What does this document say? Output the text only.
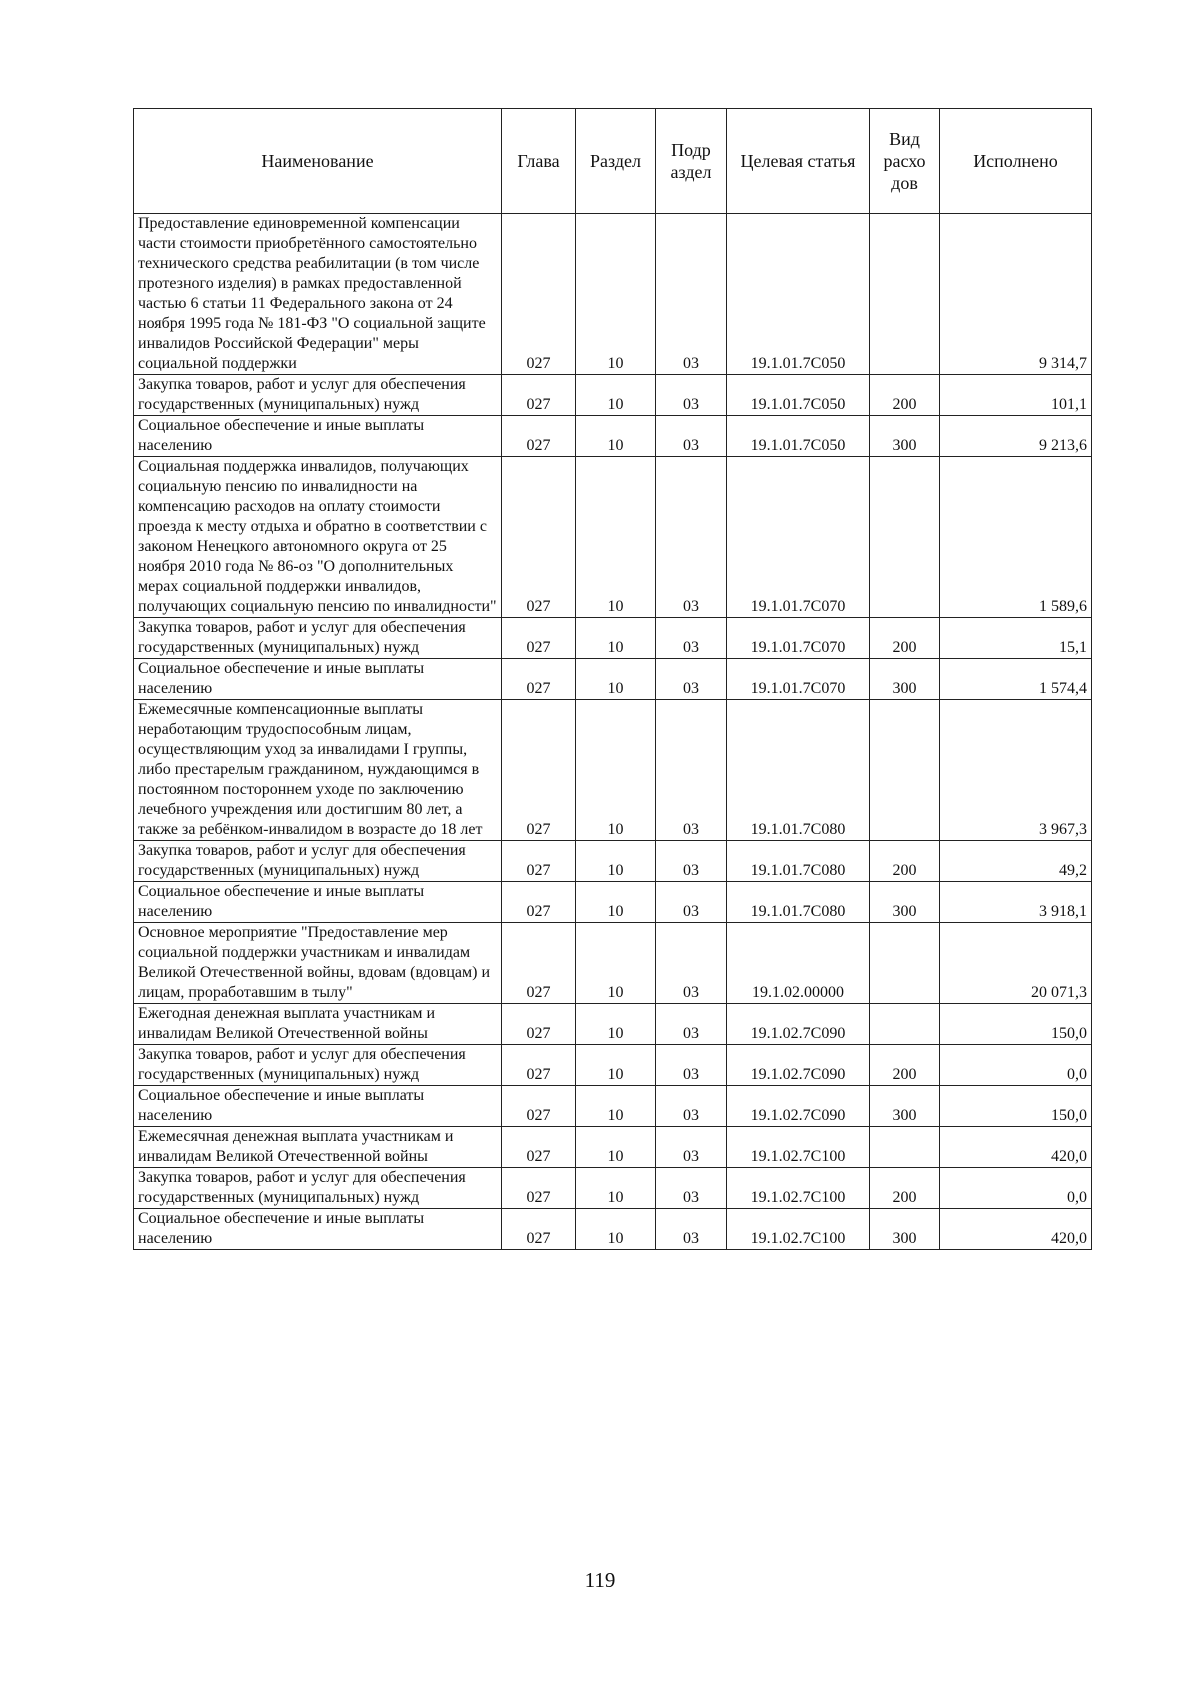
Наименование	Глава	Раздел	Подр аздел	Целевая статья	Вид расхо дов	Исполнено
Предоставление единовременной компенсации части стоимости приобретённого самостоятельно технического средства реабилитации (в том числе протезного изделия) в рамках предоставленной частью 6 статьи 11 Федерального закона от 24 ноября 1995 года № 181-ФЗ "О социальной защите инвалидов Российской Федерации" меры социальной поддержки	027	10	03	19.1.01.7С050		9 314,7
Закупка товаров, работ и услуг для обеспечения государственных (муниципальных) нужд	027	10	03	19.1.01.7С050	200	101,1
Социальное обеспечение и иные выплаты населению	027	10	03	19.1.01.7С050	300	9 213,6
Социальная поддержка инвалидов, получающих социальную пенсию по инвалидности на компенсацию расходов на оплату стоимости проезда к месту отдыха и обратно в соответствии с законом Ненецкого автономного округа от 25 ноября 2010 года № 86-оз "О дополнительных мерах социальной поддержки инвалидов, получающих социальную пенсию по инвалидности"	027	10	03	19.1.01.7С070		1 589,6
Закупка товаров, работ и услуг для обеспечения государственных (муниципальных) нужд	027	10	03	19.1.01.7С070	200	15,1
Социальное обеспечение и иные выплаты населению	027	10	03	19.1.01.7С070	300	1 574,4
Ежемесячные компенсационные выплаты неработающим трудоспособным лицам, осуществляющим уход за инвалидами I группы, либо престарелым гражданином, нуждающимся в постоянном постороннем уходе по заключению лечебного учреждения или достигшим 80 лет, а также за ребёнком-инвалидом в возрасте до 18 лет	027	10	03	19.1.01.7С080		3 967,3
Закупка товаров, работ и услуг для обеспечения государственных (муниципальных) нужд	027	10	03	19.1.01.7С080	200	49,2
Социальное обеспечение и иные выплаты населению	027	10	03	19.1.01.7С080	300	3 918,1
Основное мероприятие "Предоставление мер социальной поддержки участникам и инвалидам Великой Отечественной войны, вдовам (вдовцам) и лицам, проработавшим в тылу"	027	10	03	19.1.02.00000		20 071,3
Ежегодная денежная выплата участникам и инвалидам Великой Отечественной войны	027	10	03	19.1.02.7С090		150,0
Закупка товаров, работ и услуг для обеспечения государственных (муниципальных) нужд	027	10	03	19.1.02.7С090	200	0,0
Социальное обеспечение и иные выплаты населению	027	10	03	19.1.02.7С090	300	150,0
Ежемесячная денежная выплата участникам и инвалидам Великой Отечественной войны	027	10	03	19.1.02.7С100		420,0
Закупка товаров, работ и услуг для обеспечения государственных (муниципальных) нужд	027	10	03	19.1.02.7С100	200	0,0
Социальное обеспечение и иные выплаты населению	027	10	03	19.1.02.7С100	300	420,0
119
